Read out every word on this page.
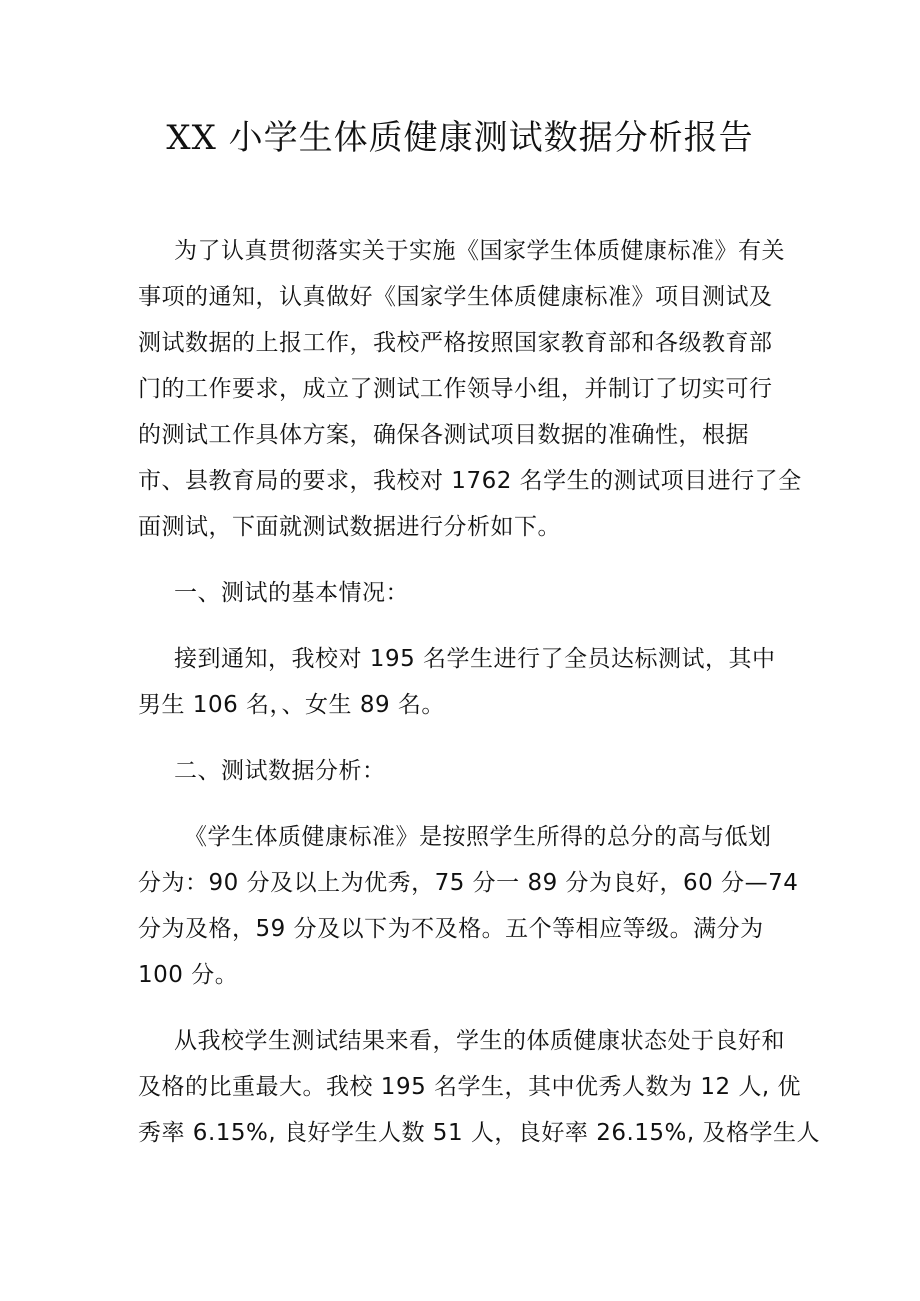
XX 小学生体质健康测试数据分析报告
为了认真贯彻落实关于实施《国家学生体质健康标准》有关
事项的通知，认真做好《国家学生体质健康标准》项目测试及
测试数据的上报工作，我校严格按照国家教育部和各级教育部
门的工作要求，成立了测试工作领导小组，并制订了切实可行
的测试工作具体方案，确保各测试项目数据的准确性，根据
市、县教育局的要求，我校对 1762 名学生的测试项目进行了全
面测试，下面就测试数据进行分析如下。
一、测试的基本情况：
接到通知，我校对 195 名学生进行了全员达标测试，其中
男生 106 名，、女生 89 名。
二、测试数据分析：
《学生体质健康标准》是按照学生所得的总分的高与低划
分为：90 分及以上为优秀，75 分一 89 分为良好，60 分—74
分为及格，59 分及以下为不及格。五个等相应等级。满分为
100 分。
从我校学生测试结果来看，学生的体质健康状态处于良好和
及格的比重最大。我校 195 名学生，其中优秀人数为 12 人, 优
秀率 6.15%, 良好学生人数 51 人，良好率 26.15%, 及格学生人
